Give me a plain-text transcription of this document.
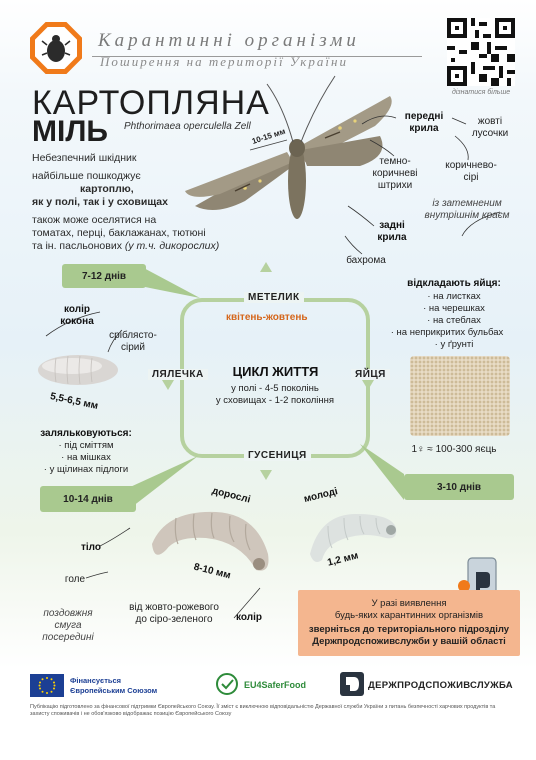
Карантинні організми
Поширення на території України
дізнатися більше
КАРТОПЛЯНА
МІЛЬ Phthorimaea operculella Zell
Небезпечний шкідник
найбільше пошкоджує
картоплю,
як у полі, так і у сховищах
також може оселятися на
томатах, перці, баклажанах, тютюні
та ін. пасльонових (у т.ч. дикорослих)
10-15 мм
передні крила
жовті лусочки
темно-коричневі штрихи
коричнево-сірі
із затемненим внутрішнім краєм
задні крила
бахрома
МЕТЕЛИК
квітень-жовтень
ЛЯЛЕЧКА	ЯЙЦЯ
ГУСЕНИЦЯ
ЦИКЛ ЖИТТЯ
у полі - 4-5 поколінь
у сховищах - 1-2 покоління
7-12 днів
10-14 днів
3-10 днів
колір кокона
сріблясто-сірий
5,5-6,5 мм
заляльковуються:
· під сміттям
· на мішках
· у щілинах підлоги
відкладають яйця:
· на листках
· на черешках
· на стеблах
· на неприкритих бульбах
· у ґрунті
1♀ ≈ 100-300 яєць
дорослі	молоді
8-10 мм
1,2 мм
тіло
голе
поздовжня смуга посередині
колір
від жовто-рожевого до сіро-зеленого
У разі виявлення
будь-яких карантинних організмів
зверніться до територіального підрозділу
Держпродспоживслужби у вашій області
Фінансується
Європейським Союзом
EU4SaferFood	ДЕРЖПРОДСПОЖИВСЛУЖБА
Публікацію підготовлено за фінансової підтримки Європейського Союзу. Її зміст є виключною відповідальністю Державної служби України з питань безпечності харчових продуктів та захисту споживачів і не обов'язково відображає позицію Європейського Союзу
